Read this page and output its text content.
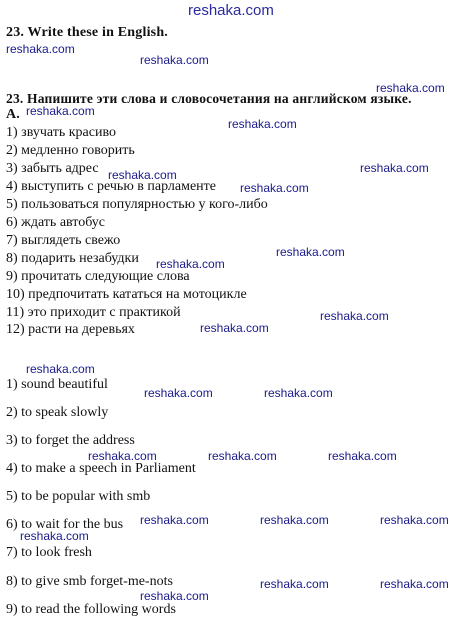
reshaka.com
23. Write these in English.
reshaka.com
reshaka.com
reshaka.com
23. Напишите эти слова и словосочетания на английском языке.
A. reshaka.com
1) звучать красиво
reshaka.com
2) медленно говорить
3) забыть адрес reshaka.com	reshaka.com
4) выступить с речью в парламенте reshaka.com
5) пользоваться популярностью у кого-либо
6) ждать автобус
7) выглядеть свежо
reshaka.com
8) подарить незабудки reshaka.com
9) прочитать следующие слова
10) предпочитать кататься на мотоцикле
11) это приходит с практикой	reshaka.com
12) расти на деревьях	reshaka.com
reshaka.com
1) sound beautiful
reshaka.com	reshaka.com
2) to speak slowly
3) to forget the address
reshaka.com	reshaka.com	reshaka.com
4) to make a speech in Parliament
5) to be popular with smb
6) to wait for the bus reshaka.com	reshaka.com	reshaka.com
reshaka.com
7) to look fresh
8) to give smb forget-me-nots	reshaka.com	reshaka.com
reshaka.com
9) to read the following words
